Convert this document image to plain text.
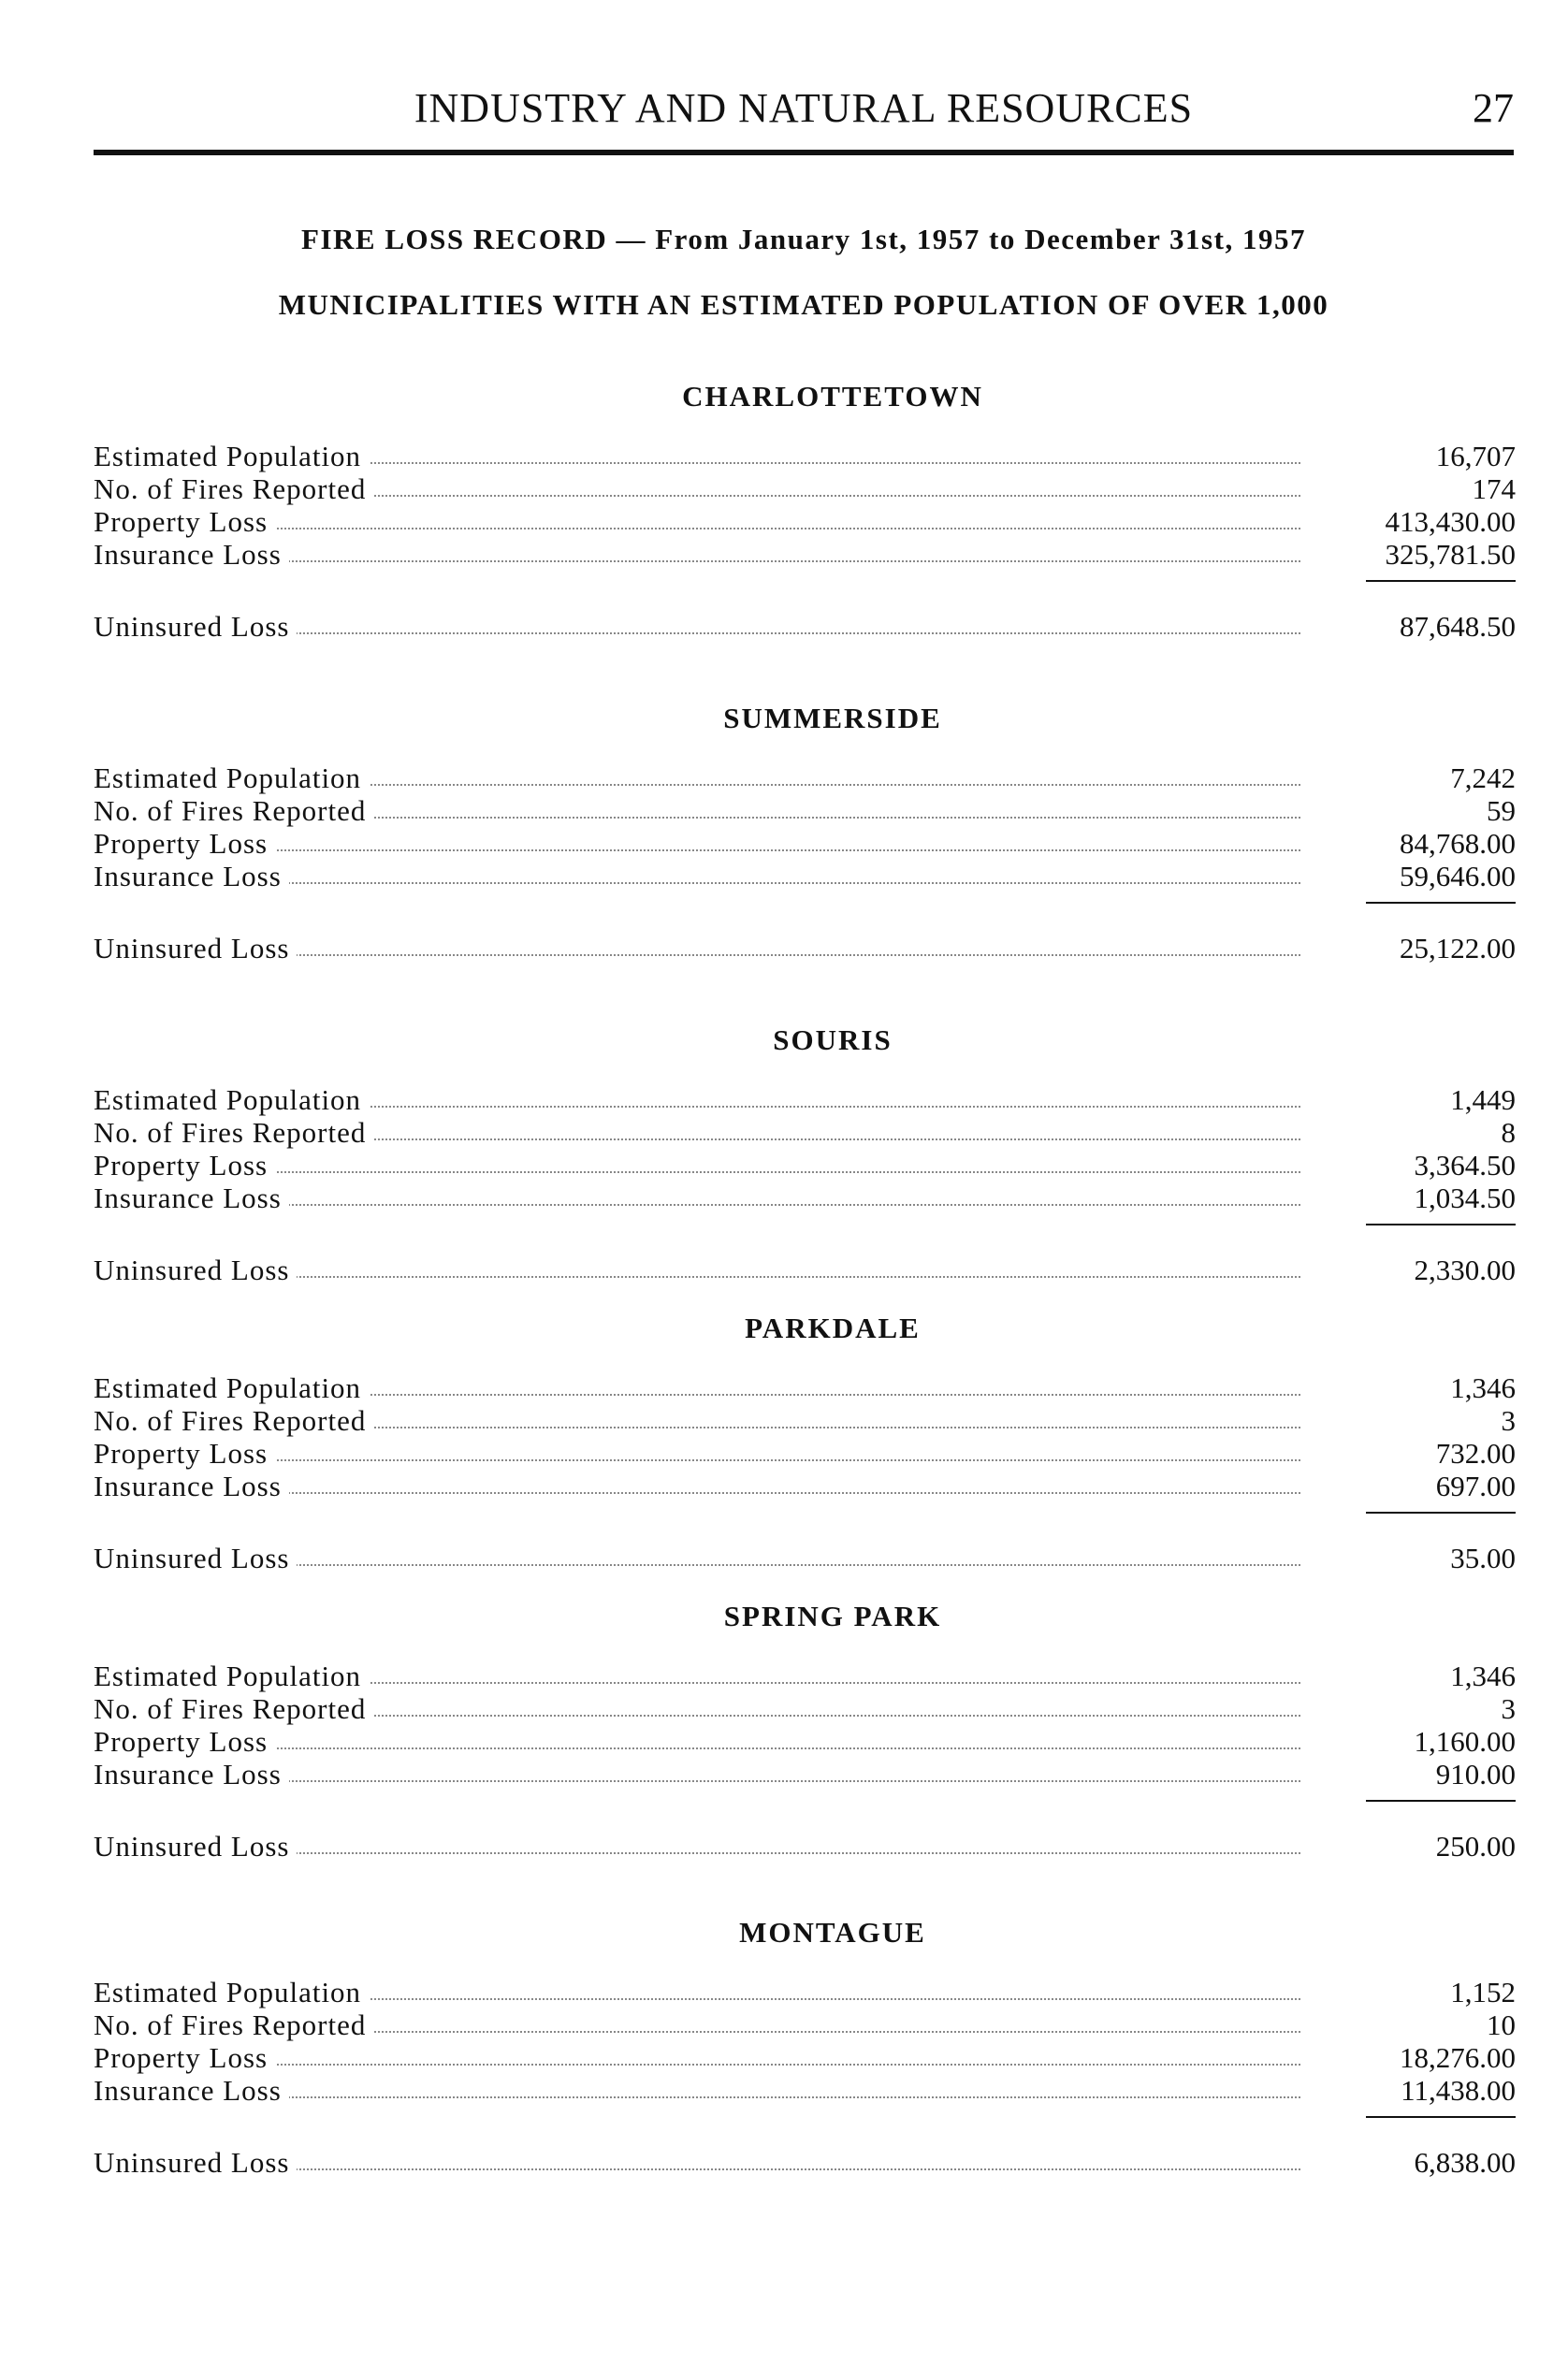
INDUSTRY AND NATURAL RESOURCES	27
FIRE LOSS RECORD — From January 1st, 1957 to December 31st, 1957
MUNICIPALITIES WITH AN ESTIMATED POPULATION OF OVER 1,000
CHARLOTTETOWN
Estimated Population	16,707
No. of Fires Reported	174
Property Loss	413,430.00
Insurance Loss	325,781.50
Uninsured Loss	87,648.50
SUMMERSIDE
Estimated Population	7,242
No. of Fires Reported	59
Property Loss	84,768.00
Insurance Loss	59,646.00
Uninsured Loss	25,122.00
SOURIS
Estimated Population	1,449
No. of Fires Reported	8
Property Loss	3,364.50
Insurance Loss	1,034.50
Uninsured Loss	2,330.00
PARKDALE
Estimated Population	1,346
No. of Fires Reported	3
Property Loss	732.00
Insurance Loss	697.00
Uninsured Loss	35.00
SPRING PARK
Estimated Population	1,346
No. of Fires Reported	3
Property Loss	1,160.00
Insurance Loss	910.00
Uninsured Loss	250.00
MONTAGUE
Estimated Population	1,152
No. of Fires Reported	10
Property Loss	18,276.00
Insurance Loss	11,438.00
Uninsured Loss	6,838.00
